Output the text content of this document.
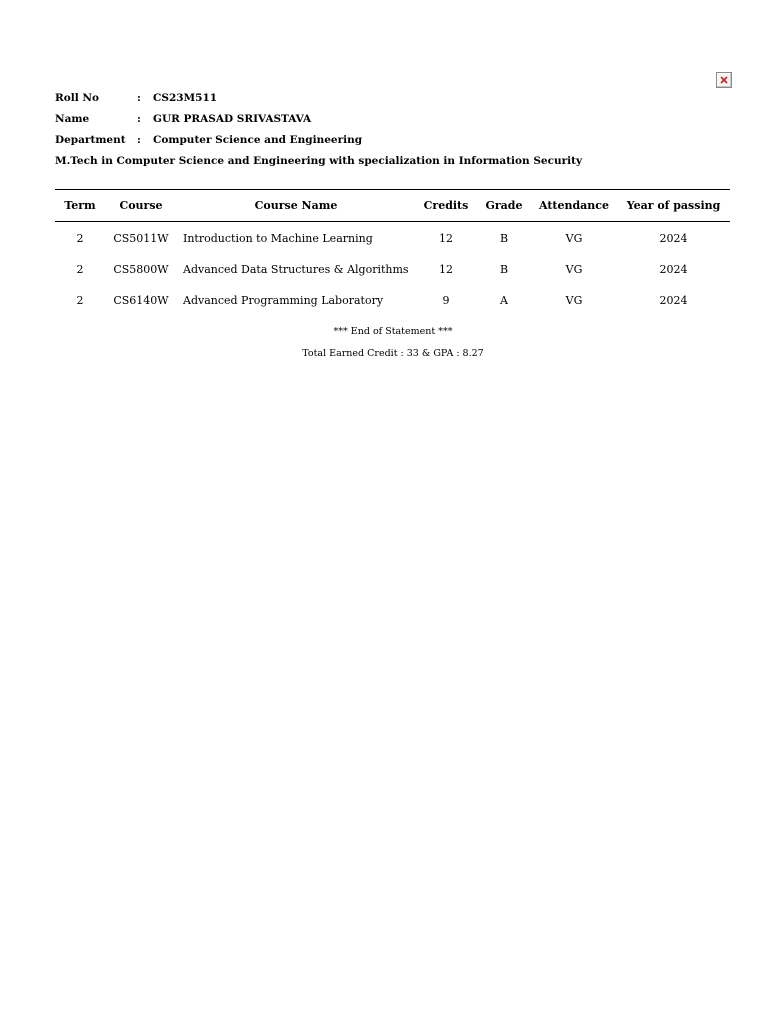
Roll No	:	CS23M511
Name	:	GUR PRASAD SRIVASTAVA
Department	:	Computer Science and Engineering
M.Tech in Computer Science and Engineering with specialization in Information Security
Term	Course	Course Name	Credits	Grade	Attendance	Year of passing
2	CS5011W	Introduction to Machine Learning	12	B	VG	2024
2	CS5800W	Advanced Data Structures & Algorithms	12	B	VG	2024
2	CS6140W	Advanced Programming Laboratory	9	A	VG	2024
*** End of Statement ***
Total Earned Credit : 33 & GPA : 8.27
